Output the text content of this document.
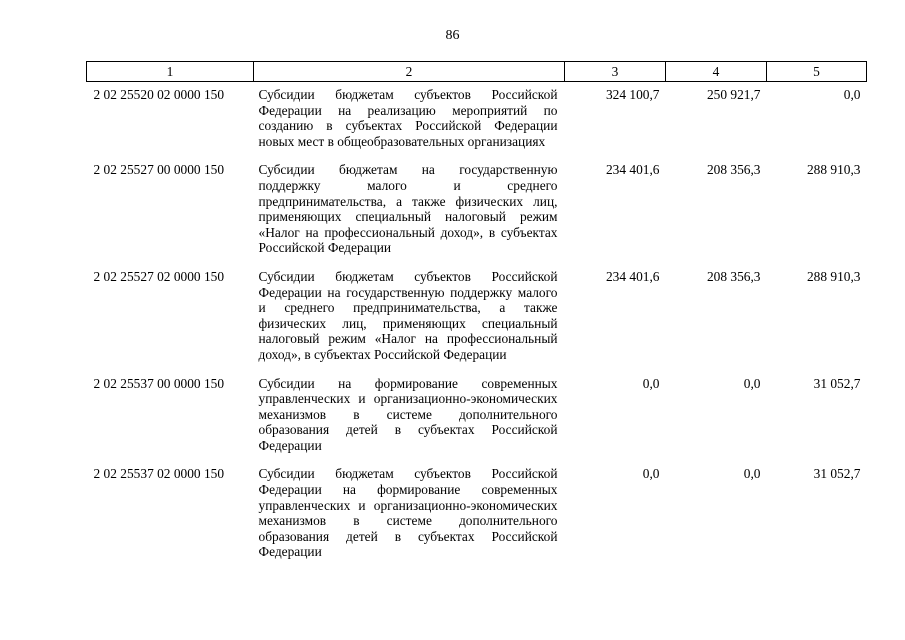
86
1	2	3	4	5
2 02 25520 02 0000 150	Субсидии бюджетам субъектов Российской Федерации на реализацию мероприятий по созданию в субъектах Российской Федерации новых мест в общеобразовательных организациях	324 100,7	250 921,7	0,0
2 02 25527 00 0000 150	Субсидии бюджетам на государственную поддержку малого и среднего предпринимательства, а также физических лиц, применяющих специальный налоговый режим «Налог на профессиональный доход», в субъектах Российской Федерации	234 401,6	208 356,3	288 910,3
2 02 25527 02 0000 150	Субсидии бюджетам субъектов Российской Федерации на государственную поддержку малого и среднего предпринимательства, а также физических лиц, применяющих специальный налоговый режим «Налог на профессиональный доход», в субъектах Российской Федерации	234 401,6	208 356,3	288 910,3
2 02 25537 00 0000 150	Субсидии на формирование современных управленческих и организационно-экономических механизмов в системе дополнительного образования детей в субъектах Российской Федерации	0,0	0,0	31 052,7
2 02 25537 02 0000 150	Субсидии бюджетам субъектов Российской Федерации на формирование современных управленческих и организационно-экономических механизмов в системе дополнительного образования детей в субъектах Российской Федерации	0,0	0,0	31 052,7
